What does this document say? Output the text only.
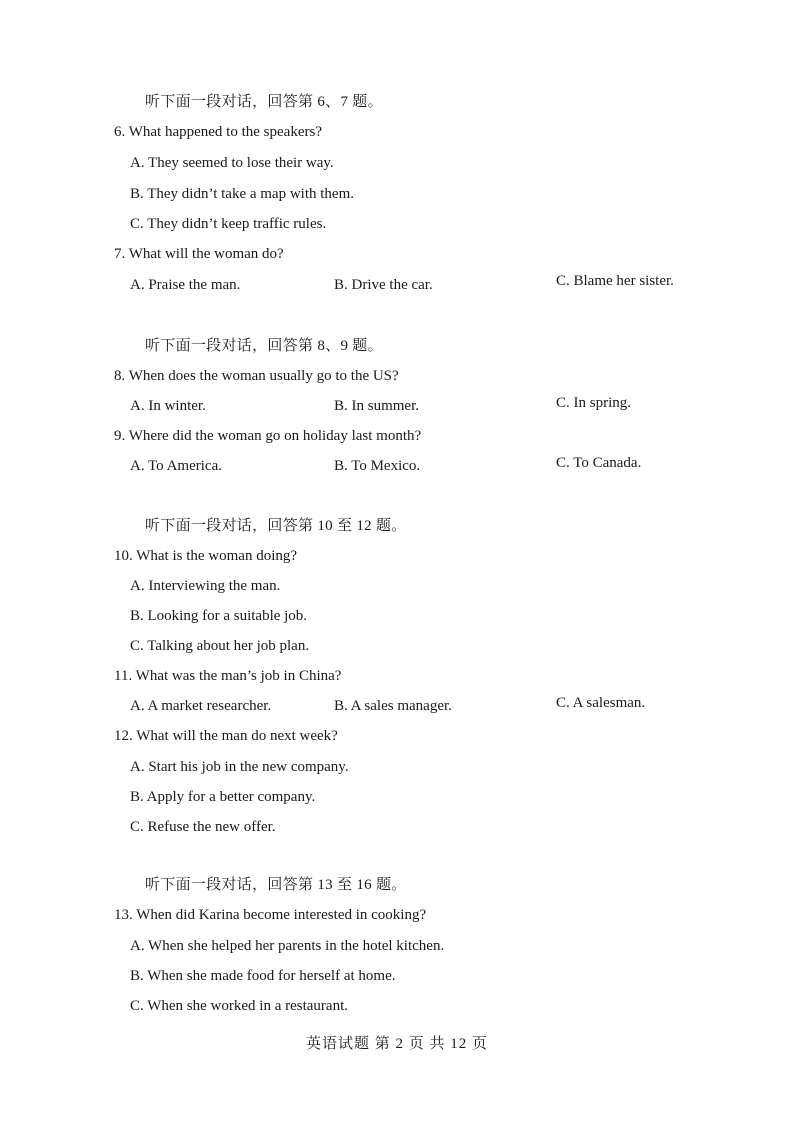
听下面一段对话，回答第 6、7 题。
6. What happened to the speakers?
A. They seemed to lose their way.
B. They didn’t take a map with them.
C. They didn’t keep traffic rules.
7. What will the woman do?
A. Praise the man.	B. Drive the car.	C. Blame her sister.
听下面一段对话，回答第 8、9 题。
8. When does the woman usually go to the US?
A. In winter.	B. In summer.	C. In spring.
9. Where did the woman go on holiday last month?
A. To America.	B. To Mexico.	C. To Canada.
听下面一段对话，回答第 10 至 12 题。
10. What is the woman doing?
A. Interviewing the man.
B. Looking for a suitable job.
C. Talking about her job plan.
11. What was the man’s job in China?
A. A market researcher.	B. A sales manager.	C. A salesman.
12. What will the man do next week?
A. Start his job in the new company.
B. Apply for a better company.
C. Refuse the new offer.
听下面一段对话，回答第 13 至 16 题。
13. When did Karina become interested in cooking?
A. When she helped her parents in the hotel kitchen.
B. When she made food for herself at home.
C. When she worked in a restaurant.
英语试题 第 2 页 共 12 页
